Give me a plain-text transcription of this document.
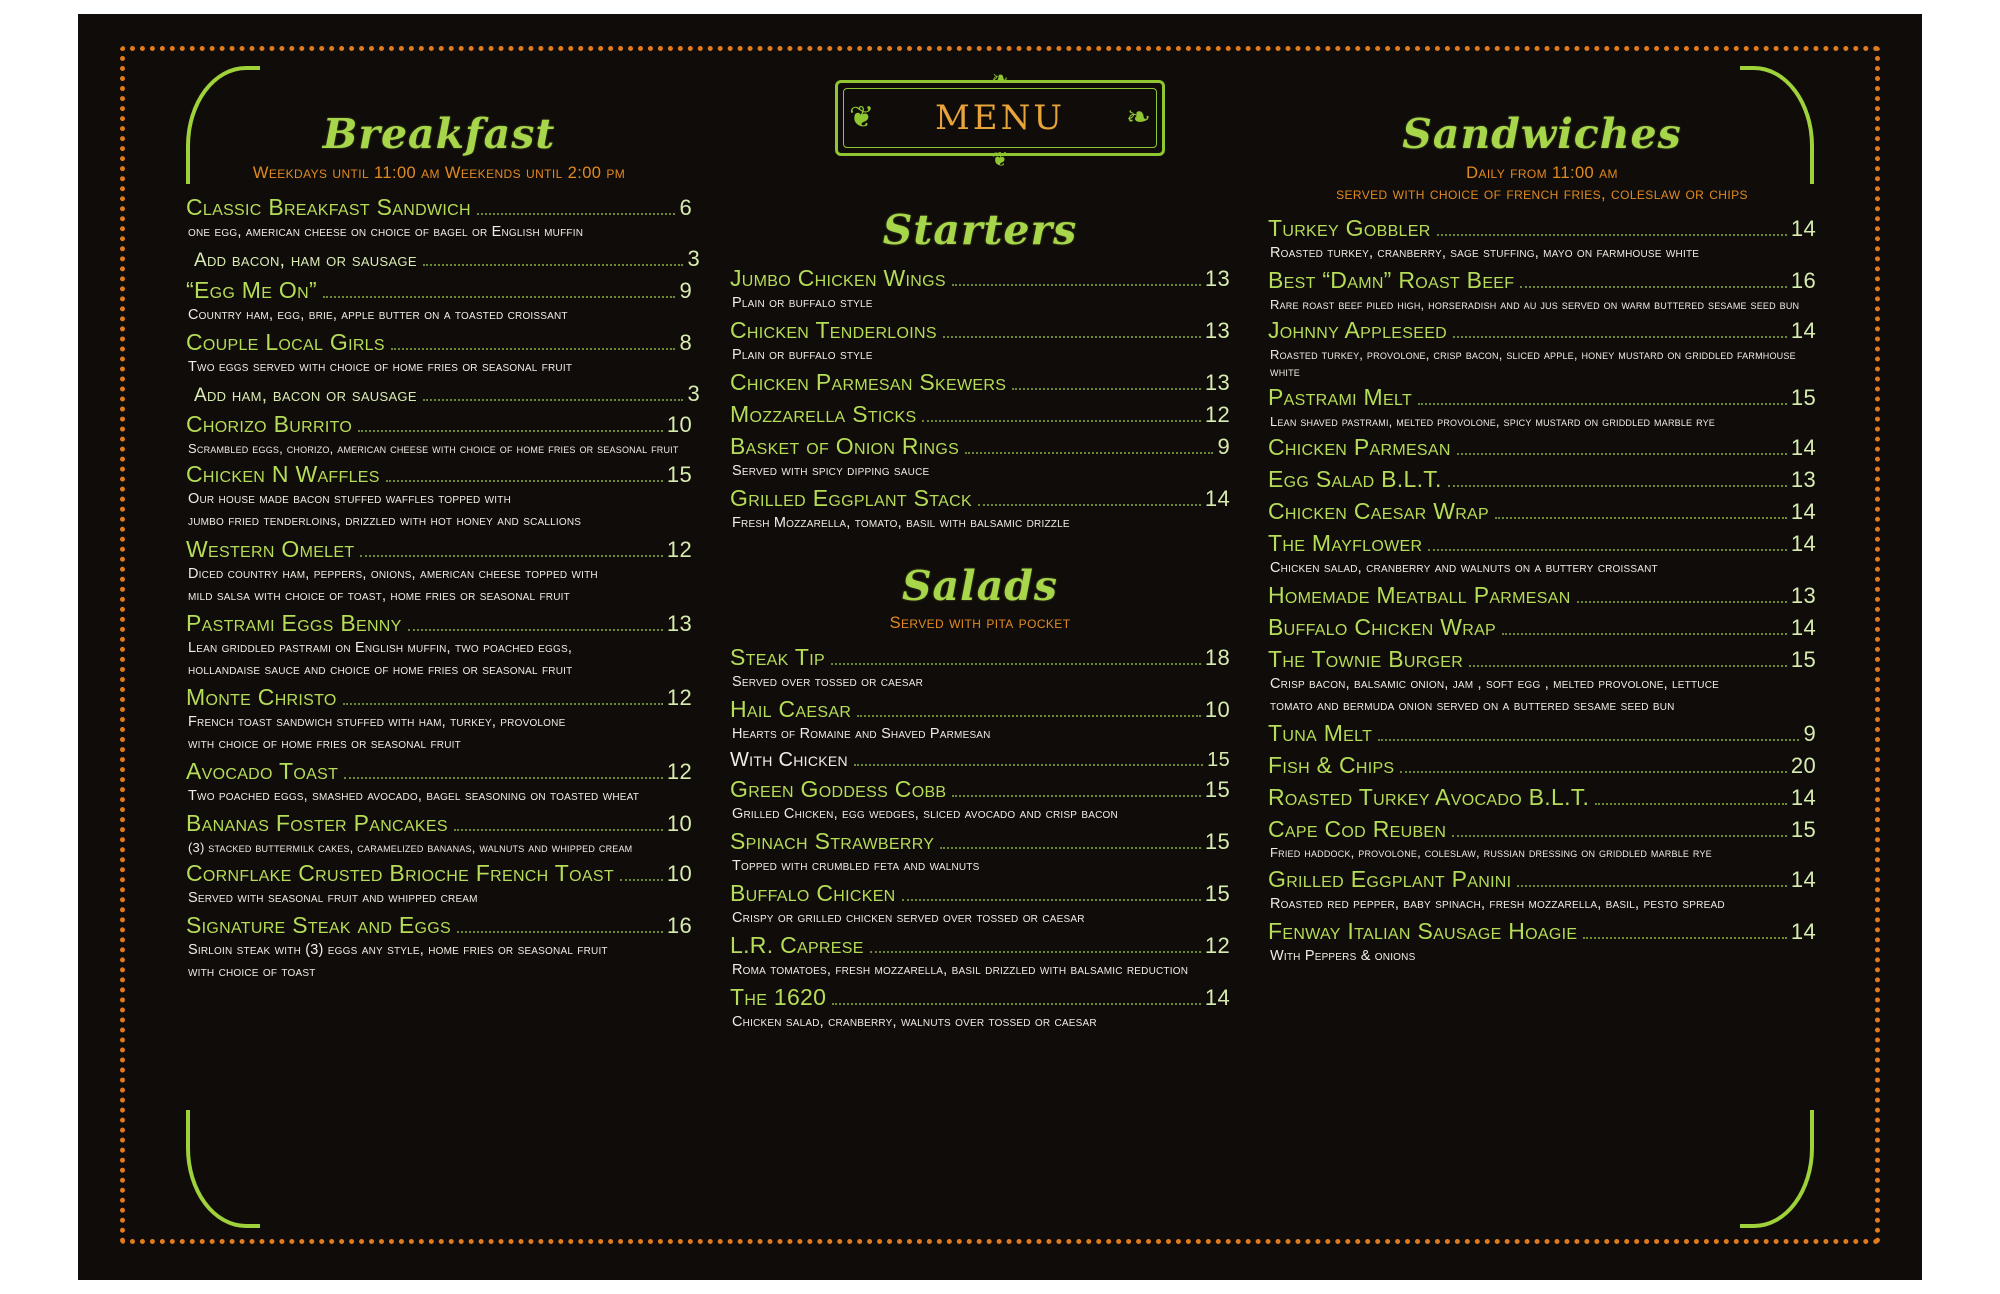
❦	❧
❧
❦
MENU
Breakfast
Weekdays until 11:00 am Weekends until 2:00 pm
Classic Breakfast Sandwich	6
one egg, american cheese on choice of bagel or English muffin
Add bacon, ham or sausage	3
“Egg Me On”	9
Country ham, egg, brie, apple butter on a toasted croissant
Couple Local Girls	8
Two eggs served with choice of home fries or seasonal fruit
Add ham, bacon or sausage	3
Chorizo Burrito	10
Scrambled eggs, chorizo, american cheese with choice of home fries or seasonal fruit
Chicken N Waffles	15
Our house made bacon stuffed waffles topped with
jumbo fried tenderloins, drizzled with hot honey and scallions
Western Omelet	12
Diced country ham, peppers, onions, american cheese topped with
mild salsa with choice of toast, home fries or seasonal fruit
Pastrami Eggs Benny	13
Lean griddled pastrami on English muffin, two poached eggs,
hollandaise sauce and choice of home fries or seasonal fruit
Monte Christo	12
French toast sandwich stuffed with ham, turkey, provolone
with choice of home fries or seasonal fruit
Avocado Toast	12
Two poached eggs, smashed avocado, bagel seasoning on toasted wheat
Bananas Foster Pancakes	10
(3) stacked buttermilk cakes, caramelized bananas, walnuts and whipped cream
Cornflake Crusted Brioche French Toast 10
Served with seasonal fruit and whipped cream
Signature Steak and Eggs	16
Sirloin steak with (3) eggs any style, home fries or seasonal fruit
with choice of toast
Starters
Jumbo Chicken Wings	13
Plain or buffalo style
Chicken Tenderloins	13
Plain or buffalo style
Chicken Parmesan Skewers	13
Mozzarella Sticks	12
Basket of Onion Rings	9
Served with spicy dipping sauce
Grilled Eggplant Stack	14
Fresh Mozzarella, tomato, basil with balsamic drizzle
Salads
Served with pita pocket
Steak Tip	18
Served over tossed or caesar
Hail Caesar	10
Hearts of Romaine and Shaved Parmesan
With Chicken	15
Green Goddess Cobb	15
Grilled Chicken, egg wedges, sliced avocado and crisp bacon
Spinach Strawberry	15
Topped with crumbled feta and walnuts
Buffalo Chicken	15
Crispy or grilled chicken served over tossed or caesar
L.R. Caprese	12
Roma tomatoes, fresh mozzarella, basil drizzled with balsamic reduction
The 1620	14
Chicken salad, cranberry, walnuts over tossed or caesar
Sandwiches
Daily from 11:00 am
served with choice of french fries, coleslaw or chips
Turkey Gobbler	14
Roasted turkey, cranberry, sage stuffing, mayo on farmhouse white
Best “Damn” Roast Beef	16
Rare roast beef piled high, horseradish and au jus served on warm buttered sesame seed bun
Johnny Appleseed	14
Roasted turkey, provolone, crisp bacon, sliced apple, honey mustard on griddled farmhouse white
Pastrami Melt	15
Lean shaved pastrami, melted provolone, spicy mustard on griddled marble rye
Chicken Parmesan	14
Egg Salad B.L.T.	13
Chicken Caesar Wrap	14
The Mayflower	14
Chicken salad, cranberry and walnuts on a buttery croissant
Homemade Meatball Parmesan	13
Buffalo Chicken Wrap	14
The Townie Burger	15
Crisp bacon, balsamic onion, jam , soft egg , melted provolone, lettuce
tomato and bermuda onion served on a buttered sesame seed bun
Tuna Melt	9
Fish & Chips	20
Roasted Turkey Avocado B.L.T.	14
Cape Cod Reuben	15
Fried haddock, provolone, coleslaw, russian dressing on griddled marble rye
Grilled Eggplant Panini	14
Roasted red pepper, baby spinach, fresh mozzarella, basil, pesto spread
Fenway Italian Sausage Hoagie	14
With Peppers & onions
